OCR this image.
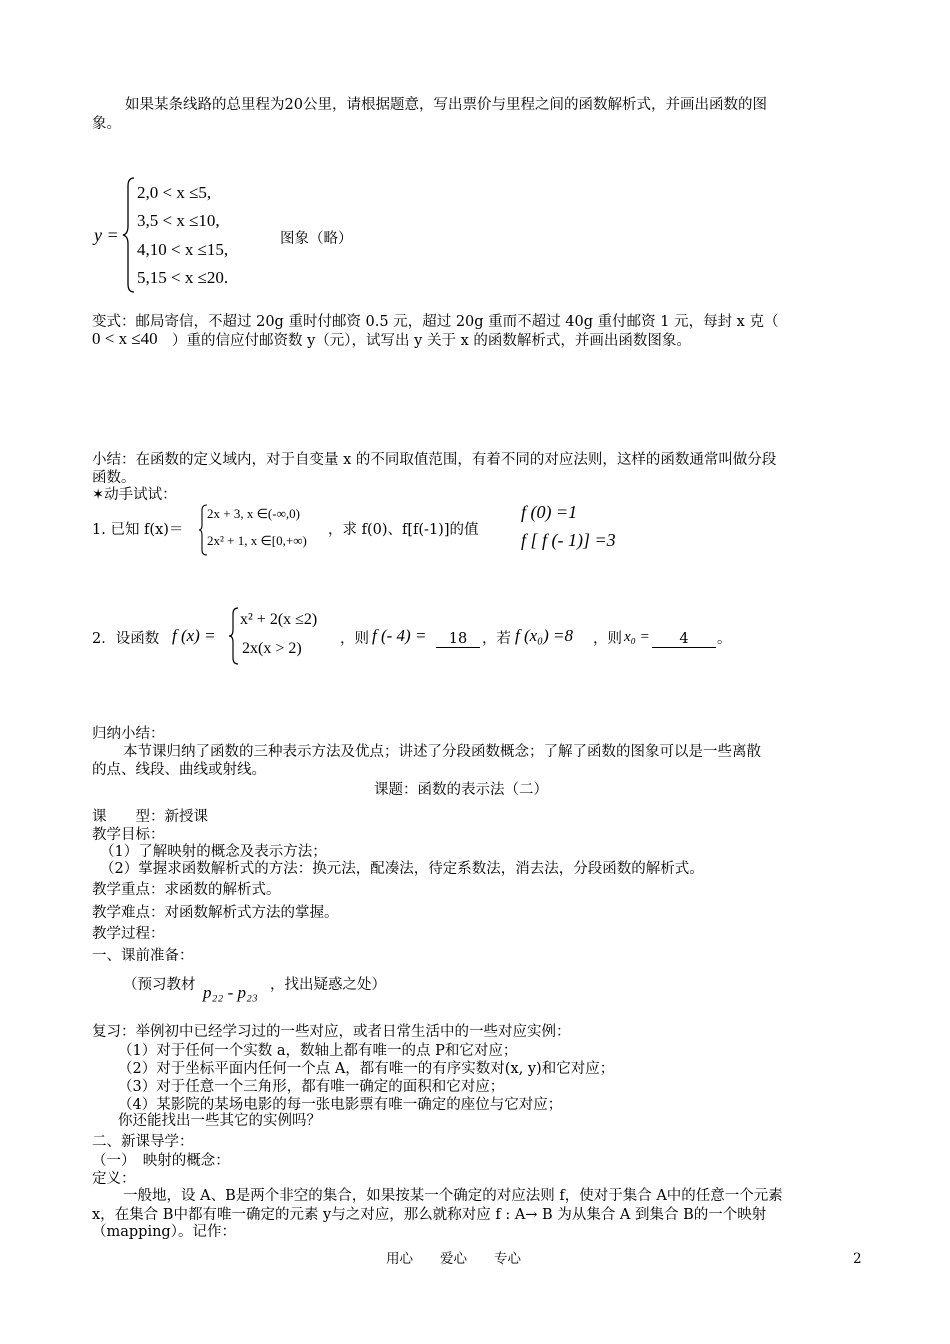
如果某条线路的总里程为20公里，请根据题意，写出票价与里程之间的函数解析式，并画出函数的图
象。
y =
2,0 < x ≤5,
3,5 < x ≤10,
4,10 < x ≤15,
5,15 < x ≤20.
图象（略）
变式：邮局寄信，不超过 20g 重时付邮资 0.5 元，超过 20g 重而不超过 40g 重付邮资 1 元，每封 x 克（
0 < x ≤40 ）重的信应付邮资数 y（元），试写出 y 关于 x 的函数解析式，并画出函数图象。
小结：在函数的定义域内，对于自变量 x 的不同取值范围，有着不同的对应法则，这样的函数通常叫做分段
函数。
✶动手试试：
1. 已知 f(x)＝
2x + 3, x ∈(-∞,0)
2x² + 1, x ∈[0,+∞)
，求 f(0)、f[f(-1)]的值
f (0) =1
f [ f (- 1)] =3
2．设函数 f (x) =
x² + 2(x ≤2)
2x(x > 2)
，则 f (- 4) =	18	，若 f (x₀) =8 ，则 x₀ =	4	。
归纳小结：
本节课归纳了函数的三种表示方法及优点；讲述了分段函数概念；了解了函数的图象可以是一些离散
的点、线段、曲线或射线。
课题：函数的表示法（二）
课　　型：新授课
教学目标：
（1）了解映射的概念及表示方法；
（2）掌握求函数解析式的方法：换元法，配凑法，待定系数法，消去法，分段函数的解析式。
教学重点：求函数的解析式。
教学难点：对函数解析式方法的掌握。
教学过程：
一、课前准备：
（预习教材 p₂₂ - p₂₃ ，找出疑惑之处）
复习：举例初中已经学习过的一些对应，或者日常生活中的一些对应实例：
（1）对于任何一个实数 a，数轴上都有唯一的点 P和它对应；
（2）对于坐标平面内任何一个点 A，都有唯一的有序实数对(x, y)和它对应；
（3）对于任意一个三角形，都有唯一确定的面积和它对应；
（4）某影院的某场电影的每一张电影票有唯一确定的座位与它对应；
你还能找出一些其它的实例吗？
二、新课导学：
（一）　映射的概念：
定义：
一般地，设 A、B是两个非空的集合，如果按某一个确定的对应法则 f，使对于集合 A中的任意一个元素
x，在集合 B中都有唯一确定的元素 y与之对应，那么就称对应 f : A→ B 为从集合 A 到集合 B的一个映射
（mapping）。记作：
用心　　爱心　　专心	2
